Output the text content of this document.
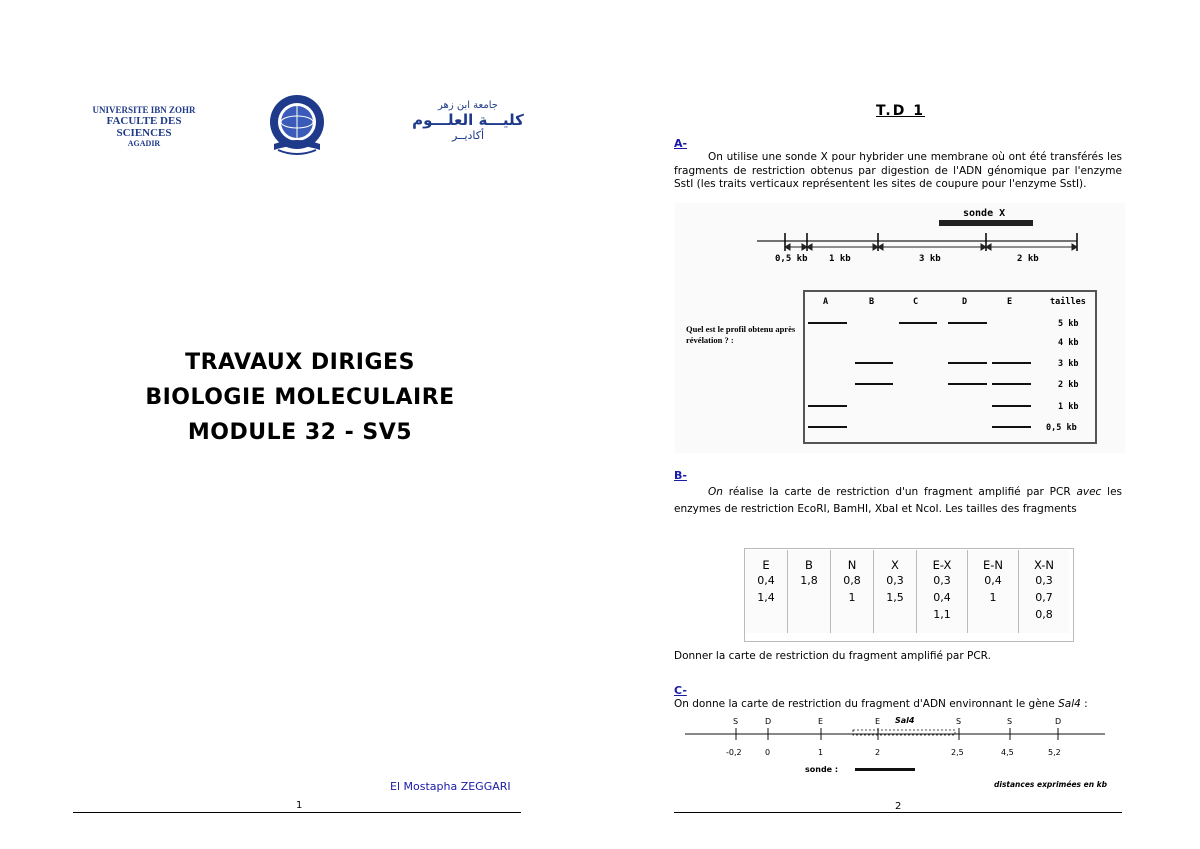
UNIVERSITE IBN ZOHR
FACULTE DES SCIENCES
AGADIR
جامعة ابن زهر
كليـــة العلـــوم
أكاديــر
TRAVAUX DIRIGES
BIOLOGIE MOLECULAIRE
MODULE 32 - SV5
El Mostapha ZEGGARI
1
T.D 1
A-
On utilise une sonde X pour hybrider une membrane où ont été transférés les fragments de restriction obtenus par digestion de l'ADN génomique par l'enzyme SstI (les traits verticaux représentent les sites de coupure pour l'enzyme SstI).
sonde X
0,5 kb 1 kb	3 kb	2 kb
Quel est le profil obtenu après révélation ? :
A	B	C	D	E	tailles
5 kb
4 kb
3 kb
2 kb
1 kb
0,5 kb
B-
On réalise la carte de restriction d'un fragment amplifié par PCR avec les enzymes de restriction EcoRI, BamHI, XbaI et NcoI. Les tailles des fragments
E	B	N	X	E-X	E-N	X-N
0,4	1,8	0,8	0,3	0,3	0,4	0,3
1,4		1	1,5	0,4	1	0,7
				1,1		0,8
Donner la carte de restriction du fragment amplifié par PCR.
C-
On donne la carte de restriction du fragment d'ADN environnant le gène Sal4 :
S	D	E	E	S	S	D
Sal4
-0,2	0	1	2	2,5	4,5	5,2
sonde :
distances exprimées en kb
2
